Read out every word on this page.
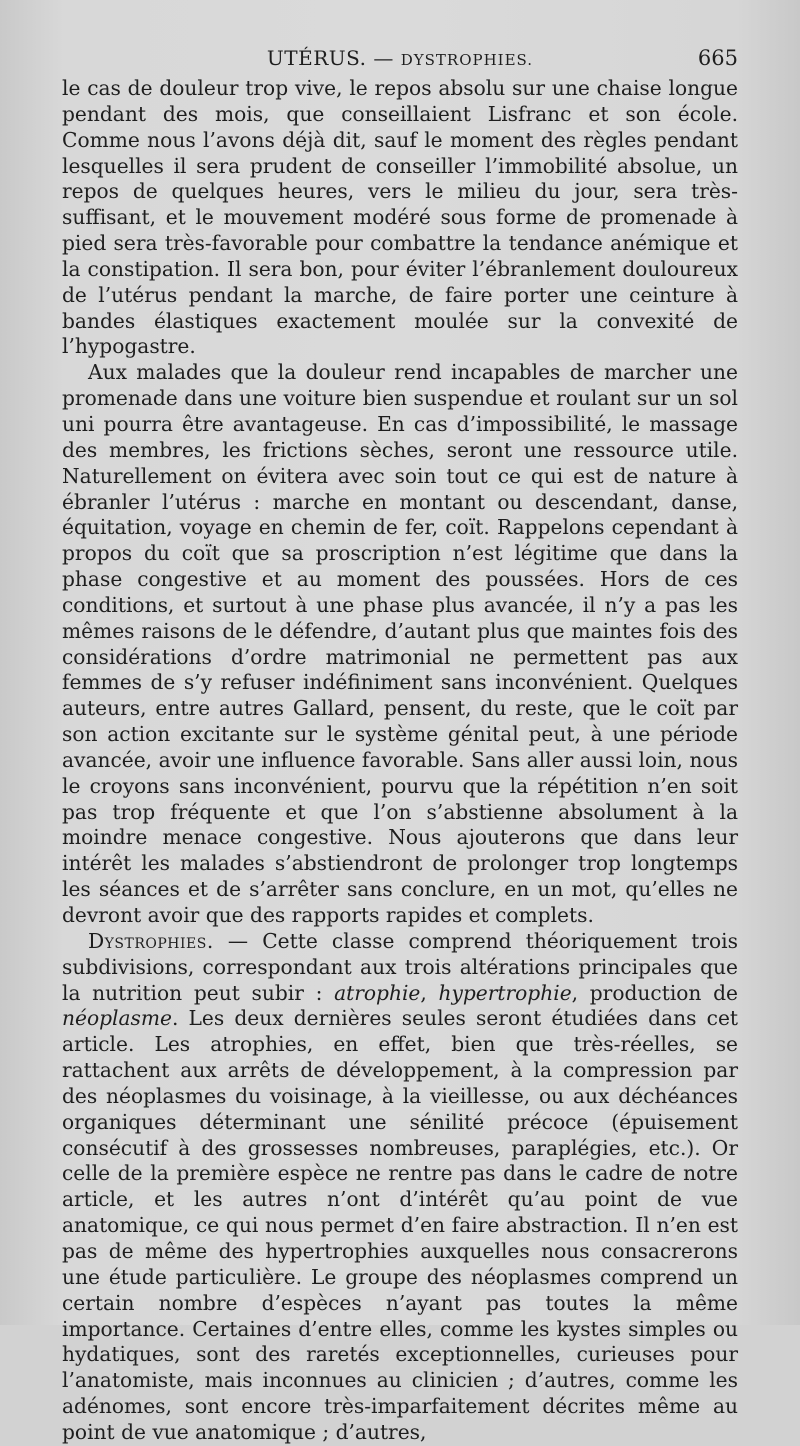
UTÉRUS. — DYSTROPHIES.	665

le cas de douleur trop vive, le repos absolu sur une chaise longue pendant des mois, que conseillaient Lisfranc et son école. Comme nous l’avons déjà dit, sauf le moment des règles pendant lesquelles il sera prudent de conseiller l’immobilité absolue, un repos de quelques heures, vers le milieu du jour, sera très-suffisant, et le mouvement modéré sous forme de promenade à pied sera très-favorable pour combattre la tendance anémique et la constipation. Il sera bon, pour éviter l’ébranlement douloureux de l’utérus pendant la marche, de faire porter une ceinture à bandes élastiques exactement moulée sur la convexité de l’hypogastre.

Aux malades que la douleur rend incapables de marcher une promenade dans une voiture bien suspendue et roulant sur un sol uni pourra être avantageuse. En cas d’impossibilité, le massage des membres, les frictions sèches, seront une ressource utile. Naturellement on évitera avec soin tout ce qui est de nature à ébranler l’utérus : marche en montant ou descendant, danse, équitation, voyage en chemin de fer, coït. Rappelons cependant à propos du coït que sa proscription n’est légitime que dans la phase congestive et au moment des poussées. Hors de ces conditions, et surtout à une phase plus avancée, il n’y a pas les mêmes raisons de le défendre, d’autant plus que maintes fois des considérations d’ordre matrimonial ne permettent pas aux femmes de s’y refuser indéfiniment sans inconvénient. Quelques auteurs, entre autres Gallard, pensent, du reste, que le coït par son action excitante sur le système génital peut, à une période avancée, avoir une influence favorable. Sans aller aussi loin, nous le croyons sans inconvénient, pourvu que la répétition n’en soit pas trop fréquente et que l’on s’abstienne absolument à la moindre menace congestive. Nous ajouterons que dans leur intérêt les malades s’abstiendront de prolonger trop longtemps les séances et de s’arrêter sans conclure, en un mot, qu’elles ne devront avoir que des rapports rapides et complets.

Dystrophies. — Cette classe comprend théoriquement trois subdivisions, correspondant aux trois altérations principales que la nutrition peut subir : atrophie, hypertrophie, production de néoplasme. Les deux dernières seules seront étudiées dans cet article. Les atrophies, en effet, bien que très-réelles, se rattachent aux arrêts de développement, à la compression par des néoplasmes du voisinage, à la vieillesse, ou aux déchéances organiques déterminant une sénilité précoce (épuisement consécutif à des grossesses nombreuses, paraplégies, etc.). Or celle de la première espèce ne rentre pas dans le cadre de notre article, et les autres n’ont d’intérêt qu’au point de vue anatomique, ce qui nous permet d’en faire abstraction. Il n’en est pas de même des hypertrophies auxquelles nous consacrerons une étude particulière. Le groupe des néoplasmes comprend un certain nombre d’espèces n’ayant pas toutes la même importance. Certaines d’entre elles, comme les kystes simples ou hydatiques, sont des raretés exceptionnelles, curieuses pour l’anatomiste, mais inconnues au clinicien ; d’autres, comme les adénomes, sont encore très-imparfaitement décrites même au point de vue anatomique ; d’autres,
